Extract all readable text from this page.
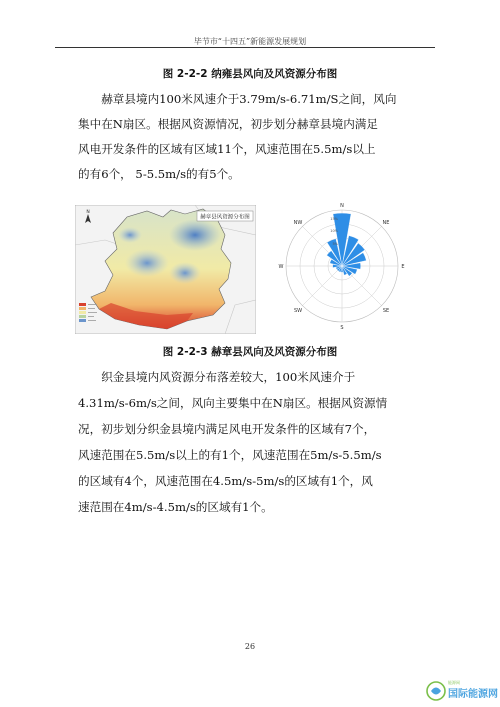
毕节市“十四五”新能源发展规划
图 2-2-2 纳雍县风向及风资源分布图

赫章县境内100米风速介于3.79m/s-6.71m/S之间，风向

集中在N扇区。根据风资源情况，初步划分赫章县境内满足

风电开发条件的区域有区域11个，风速范围在5.5m/s以上

的有6个， 5-5.5m/s的有5个。

赫章县风资源分布图
N
N
NE
E
SE
S
SW
W
NW
15%
10%
5%
图 2-2-3 赫章县风向及风资源分布图

织金县境内风资源分布落差较大，100米风速介于

4.31m/s-6m/s之间，风向主要集中在N扇区。根据风资源情

况，初步划分织金县境内满足风电开发条件的区域有7个，

风速范围在5.5m/s以上的有1个，风速范围在5m/s-5.5m/s

的区域有4个，风速范围在4.5m/s-5m/s的区域有1个，风

速范围在4m/s-4.5m/s的区域有1个。

26
能源网
国际能源网
